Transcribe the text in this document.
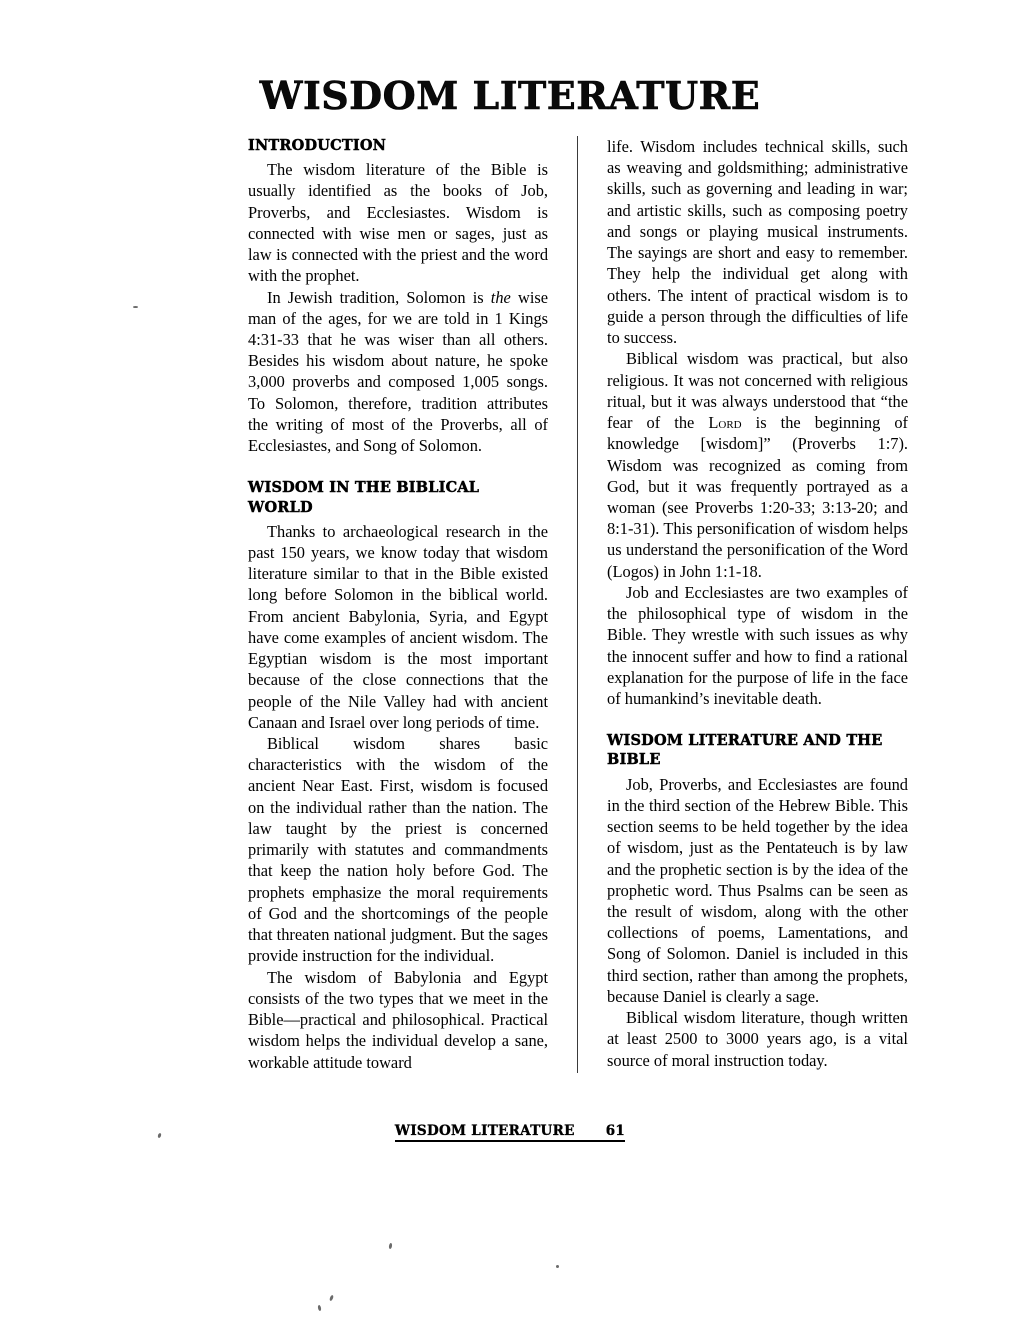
WISDOM LITERATURE
INTRODUCTION

The wisdom literature of the Bible is usually identified as the books of Job, Proverbs, and Ecclesiastes. Wisdom is connected with wise men or sages, just as law is connected with the priest and the word with the prophet.

In Jewish tradition, Solomon is the wise man of the ages, for we are told in 1 Kings 4:31-33 that he was wiser than all others. Besides his wisdom about nature, he spoke 3,000 proverbs and composed 1,005 songs. To Solomon, therefore, tradition attributes the writing of most of the Proverbs, all of Ecclesiastes, and Song of Solomon.

WISDOM IN THE BIBLICAL WORLD

Thanks to archaeological research in the past 150 years, we know today that wisdom literature similar to that in the Bible existed long before Solomon in the biblical world. From ancient Babylonia, Syria, and Egypt have come examples of ancient wisdom. The Egyptian wisdom is the most important because of the close connections that the people of the Nile Valley had with ancient Canaan and Israel over long periods of time.

Biblical wisdom shares basic characteristics with the wisdom of the ancient Near East. First, wisdom is focused on the individual rather than the nation. The law taught by the priest is concerned primarily with statutes and commandments that keep the nation holy before God. The prophets emphasize the moral requirements of God and the shortcomings of the people that threaten national judgment. But the sages provide instruction for the individual.

The wisdom of Babylonia and Egypt consists of the two types that we meet in the Bible—practical and philosophical. Practical wisdom helps the individual develop a sane, workable attitude toward

life. Wisdom includes technical skills, such as weaving and goldsmithing; administrative skills, such as governing and leading in war; and artistic skills, such as composing poetry and songs or playing musical instruments. The sayings are short and easy to remember. They help the individual get along with others. The intent of practical wisdom is to guide a person through the difficulties of life to success.

Biblical wisdom was practical, but also religious. It was not concerned with religious ritual, but it was always understood that “the fear of the Lord is the beginning of knowledge [wisdom]” (Proverbs 1:7). Wisdom was recognized as coming from God, but it was frequently portrayed as a woman (see Proverbs 1:20-33; 3:13-20; and 8:1-31). This personification of wisdom helps us understand the personification of the Word (Logos) in John 1:1-18.

Job and Ecclesiastes are two examples of the philosophical type of wisdom in the Bible. They wrestle with such issues as why the innocent suffer and how to find a rational explanation for the purpose of life in the face of humankind’s inevitable death.

WISDOM LITERATURE AND THE BIBLE

Job, Proverbs, and Ecclesiastes are found in the third section of the Hebrew Bible. This section seems to be held together by the idea of wisdom, just as the Pentateuch is by law and the prophetic section is by the idea of the prophetic word. Thus Psalms can be seen as the result of wisdom, along with the other collections of poems, Lamentations, and Song of Solomon. Daniel is included in this third section, rather than among the prophets, because Daniel is clearly a sage.

Biblical wisdom literature, though written at least 2500 to 3000 years ago, is a vital source of moral instruction today.

WISDOM LITERATURE 61
